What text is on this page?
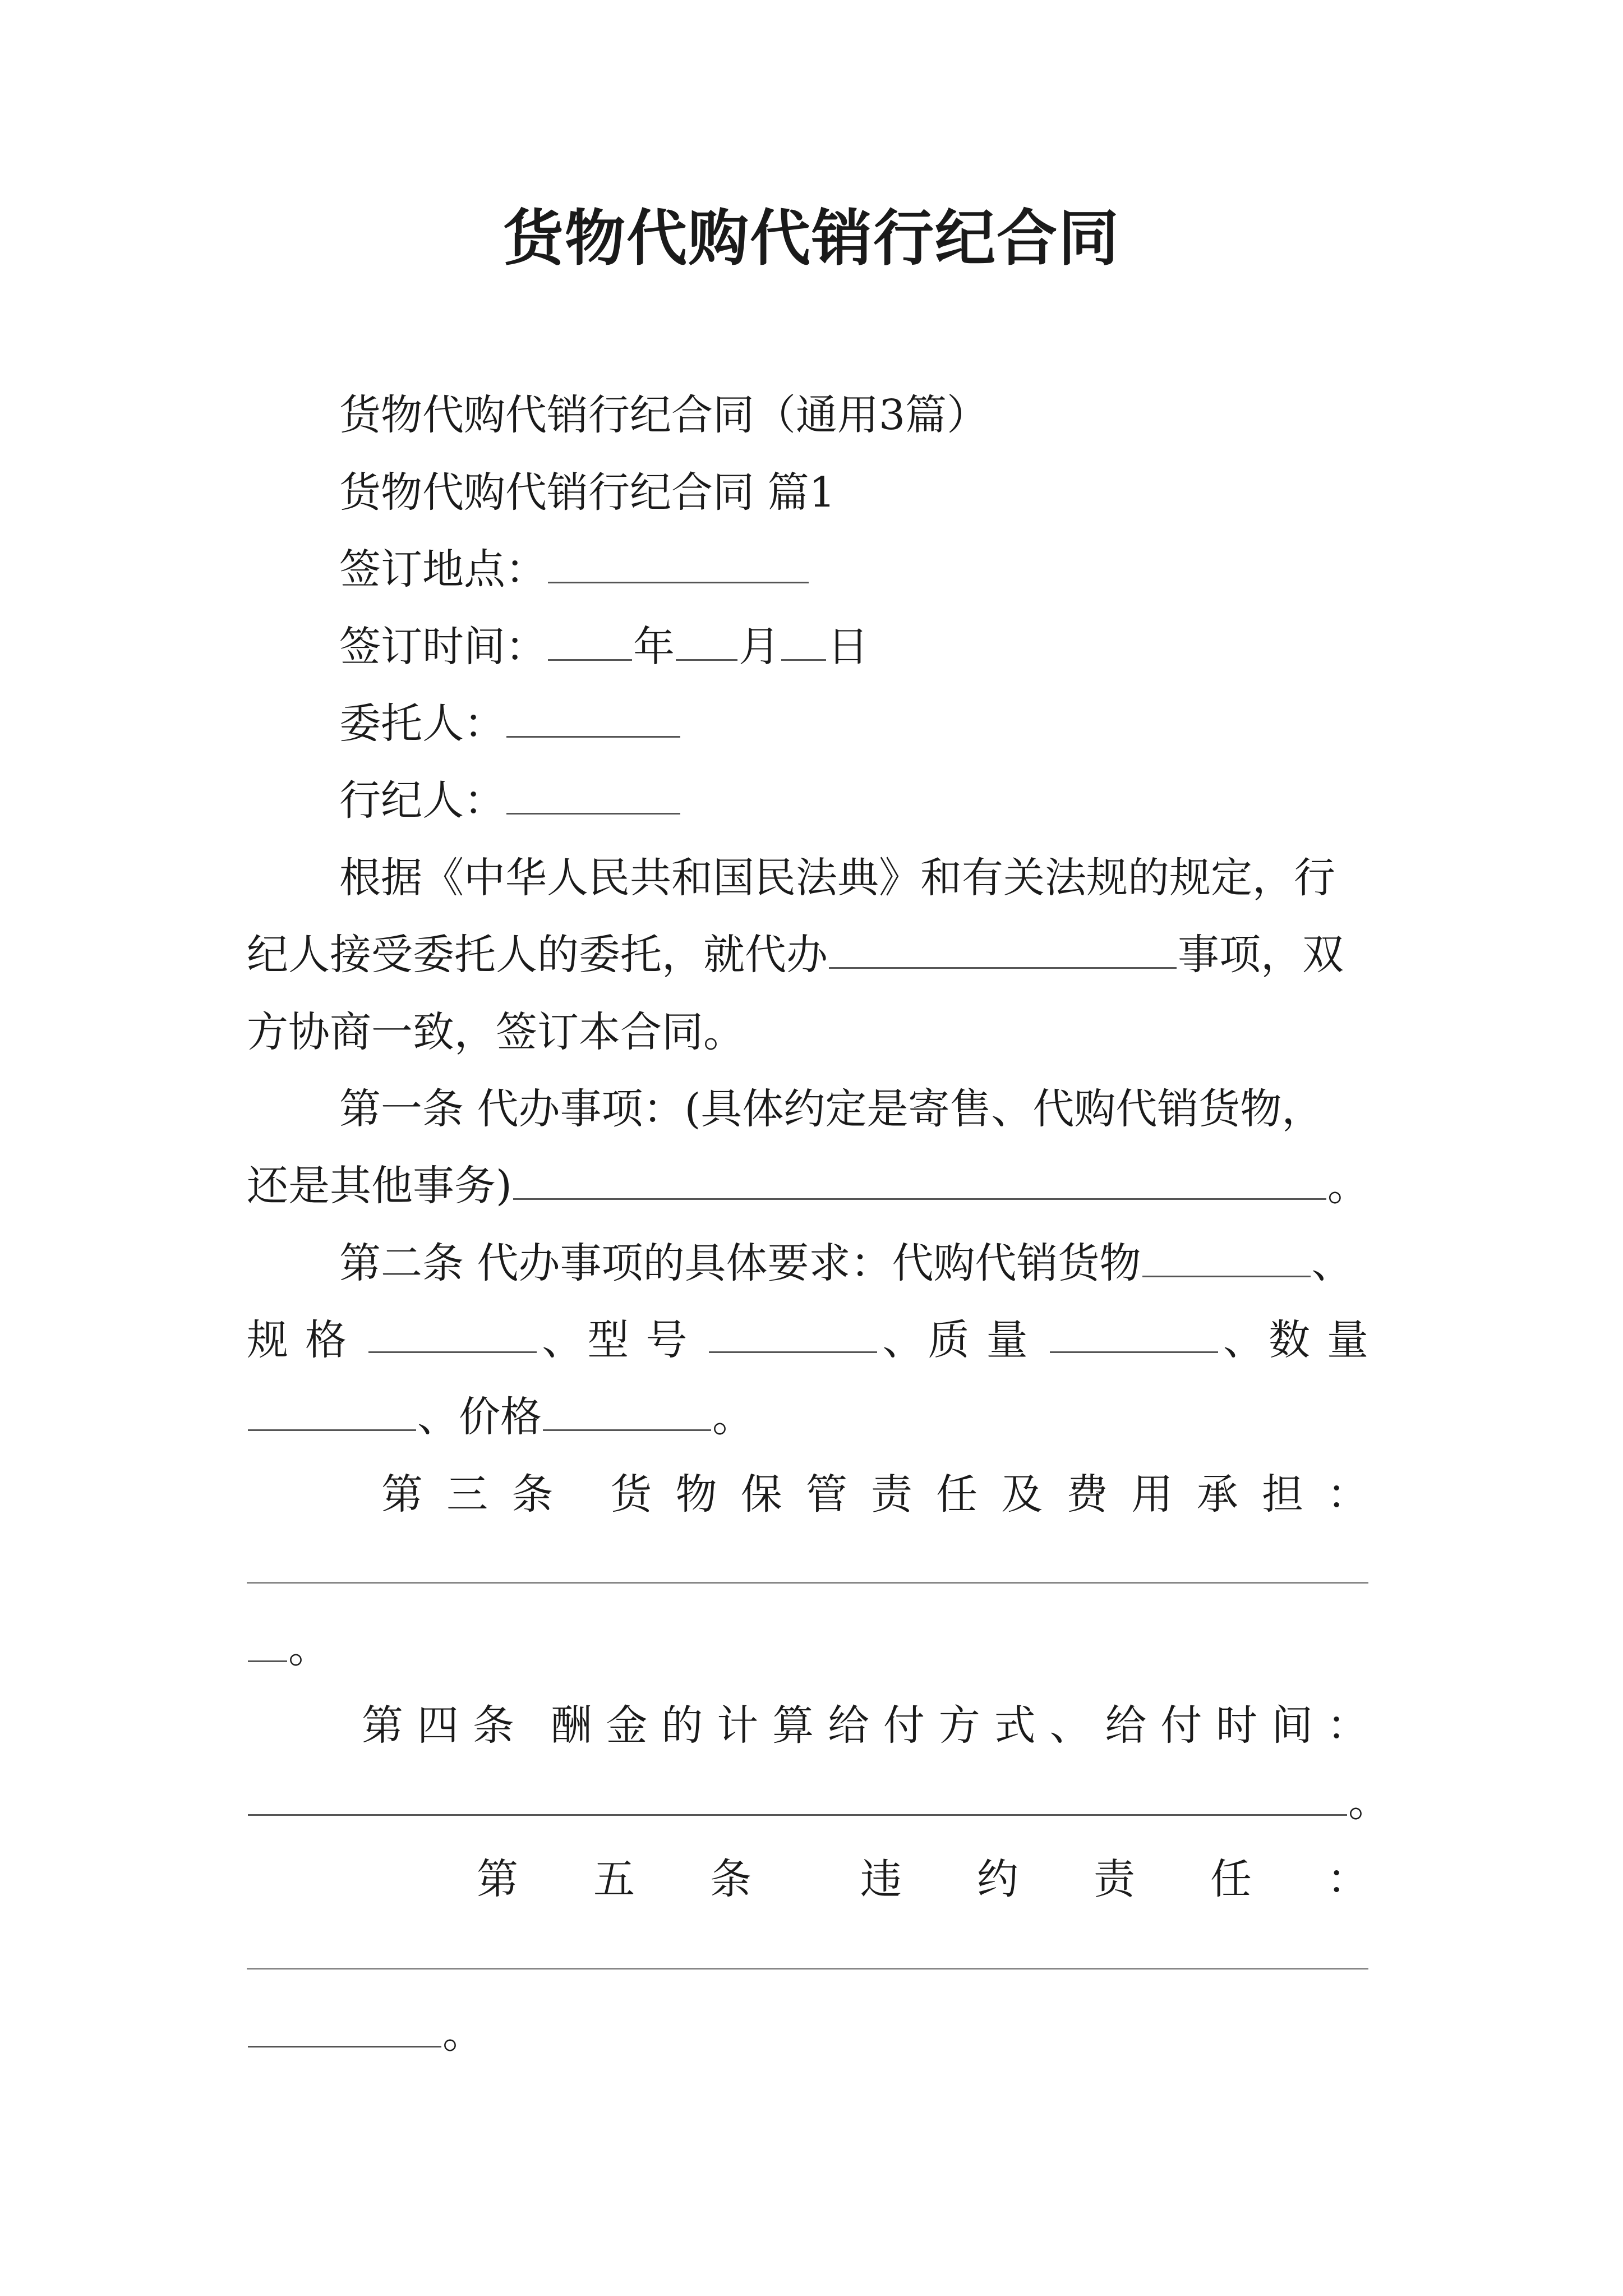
货物代购代销行纪合同
货物代购代销行纪合同（通用3篇）
货物代购代销行纪合同 篇1
签订地点：
签订时间： 年 月 日
委托人：
行纪人：
根据《中华人民共和国民法典》和有关法规的规定，行
纪人接受委托人的委托，就代办	事项，双
方协商一致，签订本合同。
第一条 代办事项：(具体约定是寄售、代购代销货物，
还是其他事务)	。
第二条 代办事项的具体要求：代购代销货物	、
规格	、 型号	、 质量	、 数量
、价格	。
第 三 条 货 物 保 管 责 任 及 费 用 承 担 ：
。
第 四 条 酬 金 的 计 算 给 付 方 式 、 给 付 时 间 ：
。
第 五 条	违 约 责 任 ：
。
